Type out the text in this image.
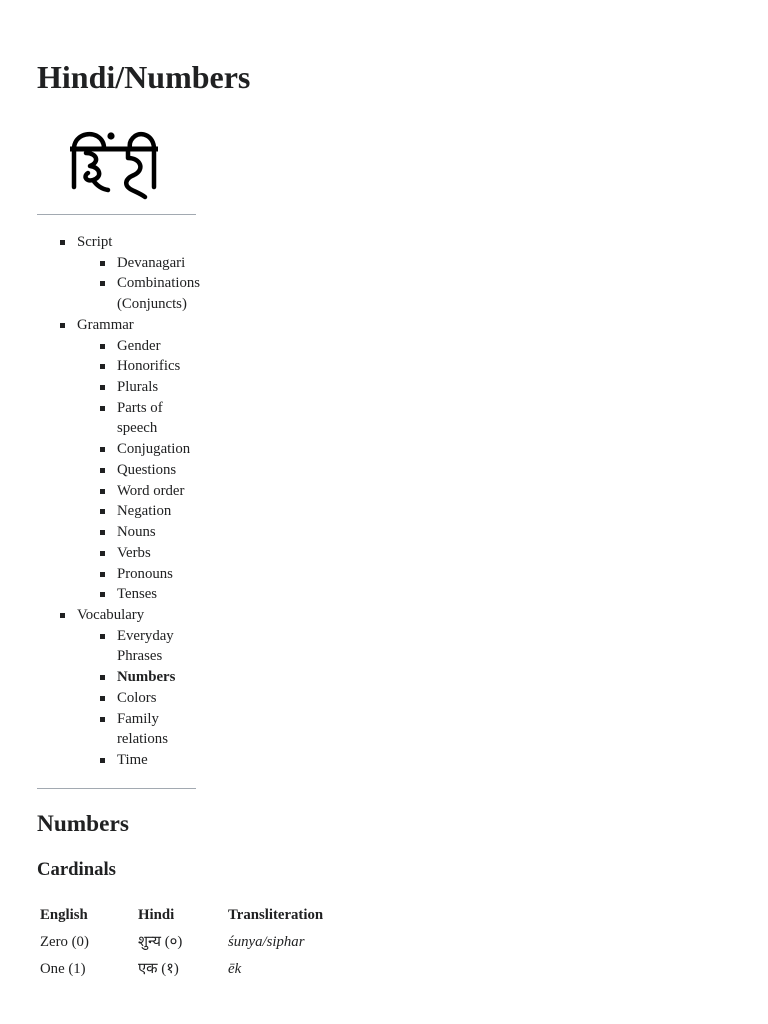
Hindi/Numbers
Script
Devanagari
Combinations (Conjuncts)
Grammar
Gender
Honorifics
Plurals
Parts of speech
Conjugation
Questions
Word order
Negation
Nouns
Verbs
Pronouns
Tenses
Vocabulary
Everyday Phrases
Numbers
Colors
Family relations
Time
Numbers
Cardinals
English	Hindi	Transliteration
Zero (0)	शुन्य (०)	śunya/siphar
One (1)	एक (१)	ēk
